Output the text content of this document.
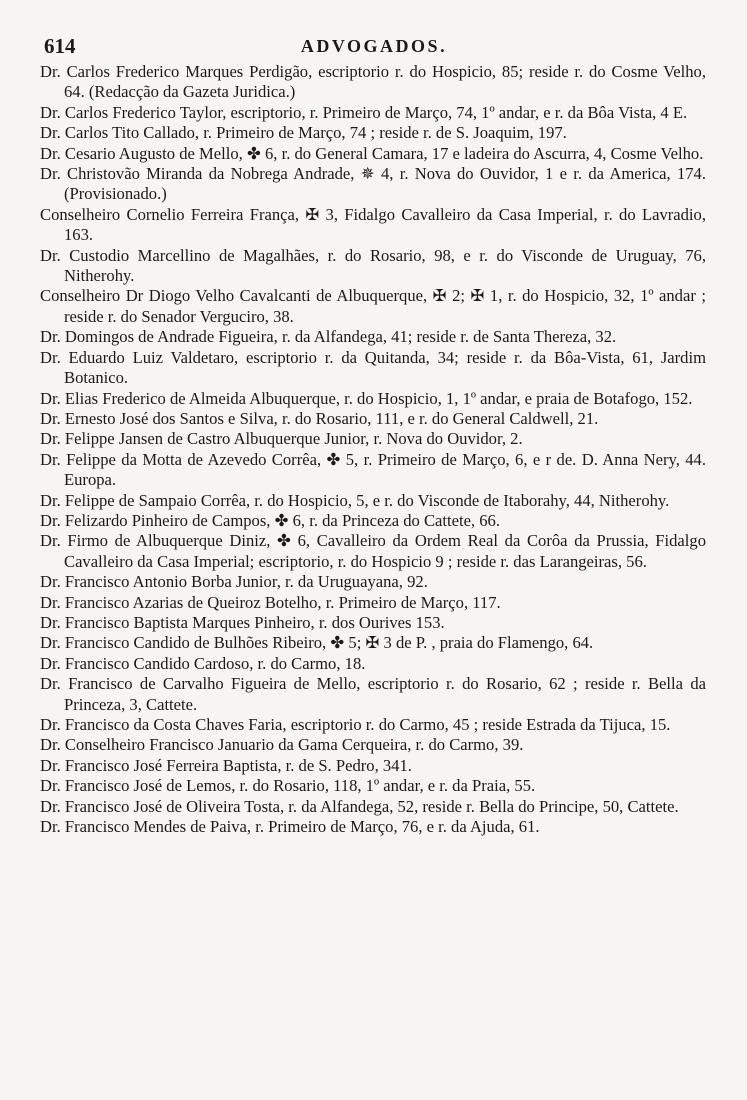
614	ADVOGADOS.

Dr. Carlos Frederico Marques Perdigão, escriptorio r. do Hospicio, 85; reside r. do Cosme Velho, 64. (Redacção da Gazeta Juridica.)

Dr. Carlos Frederico Taylor, escriptorio, r. Primeiro de Março, 74, 1º andar, e r. da Bôa Vista, 4 E.

Dr. Carlos Tito Callado, r. Primeiro de Março, 74 ; reside r. de S. Joaquim, 197.

Dr. Cesario Augusto de Mello, ✤ 6, r. do General Camara, 17 e ladeira do Ascurra, 4, Cosme Velho.

Dr. Christovão Miranda da Nobrega Andrade, ✵ 4, r. Nova do Ouvidor, 1 e r. da America, 174. (Provisionado.)

Conselheiro Cornelio Ferreira França, ✠ 3, Fidalgo Cavalleiro da Casa Imperial, r. do Lavradio, 163.

Dr. Custodio Marcellino de Magalhães, r. do Rosario, 98, e r. do Visconde de Uruguay, 76, Nitherohy.

Conselheiro Dr Diogo Velho Cavalcanti de Albuquerque, ✠ 2; ✠ 1, r. do Hospicio, 32, 1º andar ; reside r. do Senador Verguciro, 38.

Dr. Domingos de Andrade Figueira, r. da Alfandega, 41; reside r. de Santa Thereza, 32.

Dr. Eduardo Luiz Valdetaro, escriptorio r. da Quitanda, 34; reside r. da Bôa-Vista, 61, Jardim Botanico.

Dr. Elias Frederico de Almeida Albuquerque, r. do Hospicio, 1, 1º andar, e praia de Botafogo, 152.

Dr. Ernesto José dos Santos e Silva, r. do Rosario, 111, e r. do General Caldwell, 21.

Dr. Felippe Jansen de Castro Albuquerque Junior, r. Nova do Ouvidor, 2.

Dr. Felippe da Motta de Azevedo Corrêa, ✤ 5, r. Primeiro de Março, 6, e r de. D. Anna Nery, 44. Europa.

Dr. Felippe de Sampaio Corrêa, r. do Hospicio, 5, e r. do Visconde de Itaborahy, 44, Nitherohy.

Dr. Felizardo Pinheiro de Campos, ✤ 6, r. da Princeza do Cattete, 66.

Dr. Firmo de Albuquerque Diniz, ✤ 6, Cavalleiro da Ordem Real da Corôa da Prussia, Fidalgo Cavalleiro da Casa Imperial; escriptorio, r. do Hospicio 9 ; reside r. das Larangeiras, 56.

Dr. Francisco Antonio Borba Junior, r. da Uruguayana, 92.

Dr. Francisco Azarias de Queiroz Botelho, r. Primeiro de Março, 117.

Dr. Francisco Baptista Marques Pinheiro, r. dos Ourives 153.

Dr. Francisco Candido de Bulhões Ribeiro, ✤ 5; ✠ 3 de P. , praia do Flamengo, 64.

Dr. Francisco Candido Cardoso, r. do Carmo, 18.

Dr. Francisco de Carvalho Figueira de Mello, escriptorio r. do Rosario, 62 ; reside r. Bella da Princeza, 3, Cattete.

Dr. Francisco da Costa Chaves Faria, escriptorio r. do Carmo, 45 ; reside Estrada da Tijuca, 15.

Dr. Conselheiro Francisco Januario da Gama Cerqueira, r. do Carmo, 39.

Dr. Francisco José Ferreira Baptista, r. de S. Pedro, 341.

Dr. Francisco José de Lemos, r. do Rosario, 118, 1º andar, e r. da Praia, 55.

Dr. Francisco José de Oliveira Tosta, r. da Alfandega, 52, reside r. Bella do Principe, 50, Cattete.

Dr. Francisco Mendes de Paiva, r. Primeiro de Março, 76, e r. da Ajuda, 61.
